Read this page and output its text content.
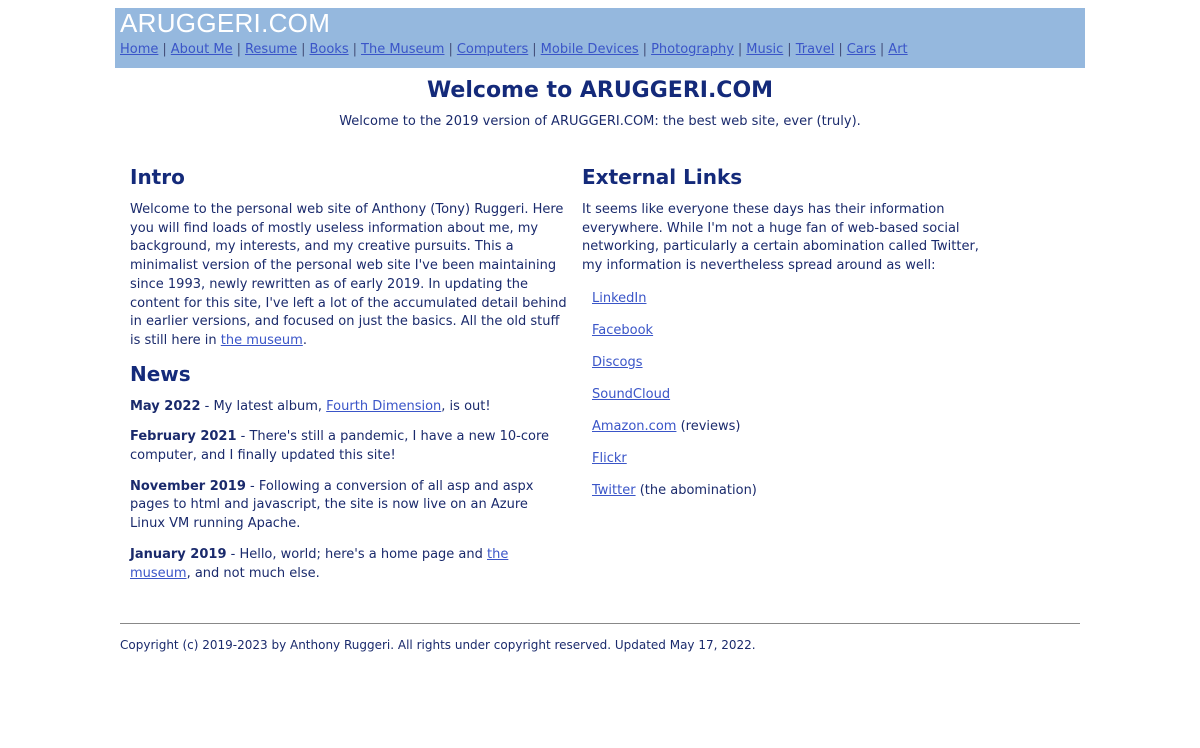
ARUGGERI.COM
Home | About Me | Resume | Books | The Museum | Computers | Mobile Devices | Photography | Music | Travel | Cars | Art
Welcome to ARUGGERI.COM
Welcome to the 2019 version of ARUGGERI.COM: the best web site, ever (truly).
Intro

Welcome to the personal web site of Anthony (Tony) Ruggeri. Here you will find loads of mostly useless information about me, my background, my interests, and my creative pursuits. This a minimalist version of the personal web site I've been maintaining since 1993, newly rewritten as of early 2019. In updating the content for this site, I've left a lot of the accumulated detail behind in earlier versions, and focused on just the basics. All the old stuff is still here in the museum.

News
May 2022 - My latest album, Fourth Dimension, is out!
February 2021 - There's still a pandemic, I have a new 10-core computer, and I finally updated this site!
November 2019 - Following a conversion of all asp and aspx pages to html and javascript, the site is now live on an Azure Linux VM running Apache.
January 2019 - Hello, world; here's a home page and the museum, and not much else.
External Links

It seems like everyone these days has their information everywhere. While I'm not a huge fan of web-based social networking, particularly a certain abomination called Twitter, my information is nevertheless spread around as well:

LinkedIn
Facebook
Discogs
SoundCloud
Amazon.com (reviews)
Flickr
Twitter (the abomination)
Copyright (c) 2019-2023 by Anthony Ruggeri. All rights under copyright reserved. Updated May 17, 2022.
